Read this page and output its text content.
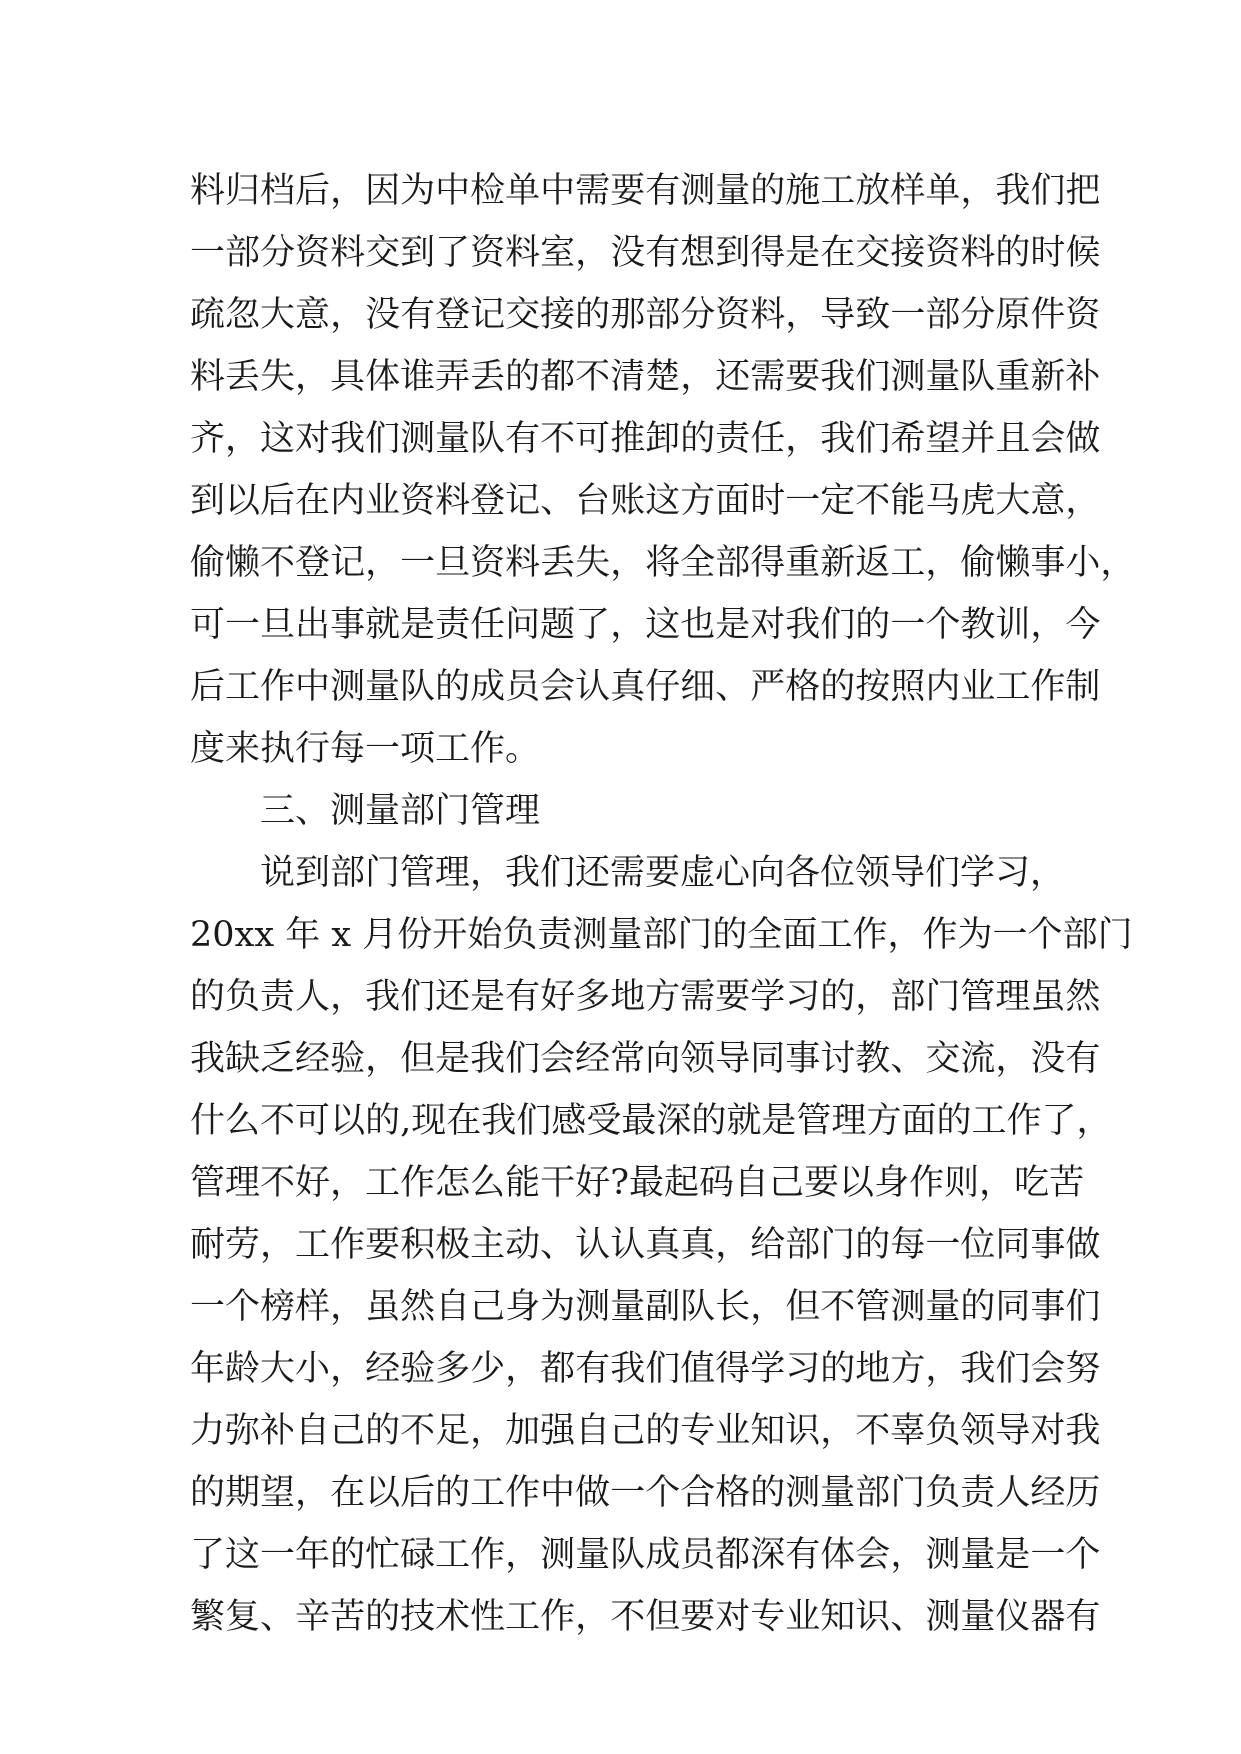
料 归 档 后 ， 因 为 中 检 单 中 需 要 有 测 量 的 施 工 放 样 单 ， 我 们 把
一 部 分 资 料 交 到 了 资 料 室 ， 没 有 想 到 得 是 在 交 接 资 料 的 时 候
疏 忽 大 意 ， 没 有 登 记 交 接 的 那 部 分 资 料 ， 导 致 一 部 分 原 件 资
料 丢 失 ， 具 体 谁 弄 丢 的 都 不 清 楚 ， 还 需 要 我 们 测 量 队 重 新 补
齐 ， 这 对 我 们 测 量 队 有 不 可 推 卸 的 责 任 ， 我 们 希 望 并 且 会 做
到 以 后 在 内 业 资 料 登 记 、 台 账 这 方 面 时 一 定 不 能 马 虎 大 意 ，
偷 懒 不 登 记 ， 一 旦 资 料 丢 失 ， 将 全 部 得 重 新 返 工 ， 偷 懒 事 小 ，
可 一 旦 出 事 就 是 责 任 问 题 了 ， 这 也 是 对 我 们 的 一 个 教 训 ， 今
后 工 作 中 测 量 队 的 成 员 会 认 真 仔 细 、 严 格 的 按 照 内 业 工 作 制
度来执行每一项工作。
三、测量部门管理
说到部门管理，我们还需要虚心向各位领导们学习，
2 0 x x
年
x
月 份 开 始 负 责 测 量 部 门 的 全 面 工 作 ， 作 为 一 个 部 门
的 负 责 人 ， 我 们 还 是 有 好 多 地 方 需 要 学 习 的 ， 部 门 管 理 虽 然
我 缺 乏 经 验 ， 但 是 我 们 会 经 常 向 领 导 同 事 讨 教 、 交 流 ， 没 有
什 么 不 可 以 的 , 现 在 我 们 感 受 最 深 的 就 是 管 理 方 面 的 工 作 了 ，
管 理 不 好 ， 工 作 怎 么 能 干 好 ? 最 起 码 自 己 要 以 身 作 则 ， 吃 苦
耐 劳 ， 工 作 要 积 极 主 动 、 认 认 真 真 ， 给 部 门 的 每 一 位 同 事 做
一 个 榜 样 ， 虽 然 自 己 身 为 测 量 副 队 长 ， 但 不 管 测 量 的 同 事 们
年 龄 大 小 ， 经 验 多 少 ， 都 有 我 们 值 得 学 习 的 地 方 ， 我 们 会 努
力 弥 补 自 己 的 不 足 ， 加 强 自 己 的 专 业 知 识 ， 不 辜 负 领 导 对 我
的 期 望 ， 在 以 后 的 工 作 中 做 一 个 合 格 的 测 量 部 门 负 责 人 经 历
了 这 一 年 的 忙 碌 工 作 ， 测 量 队 成 员 都 深 有 体 会 ， 测 量 是 一 个
繁 复 、 辛 苦 的 技 术 性 工 作 ， 不 但 要 对 专 业 知 识 、 测 量 仪 器 有
